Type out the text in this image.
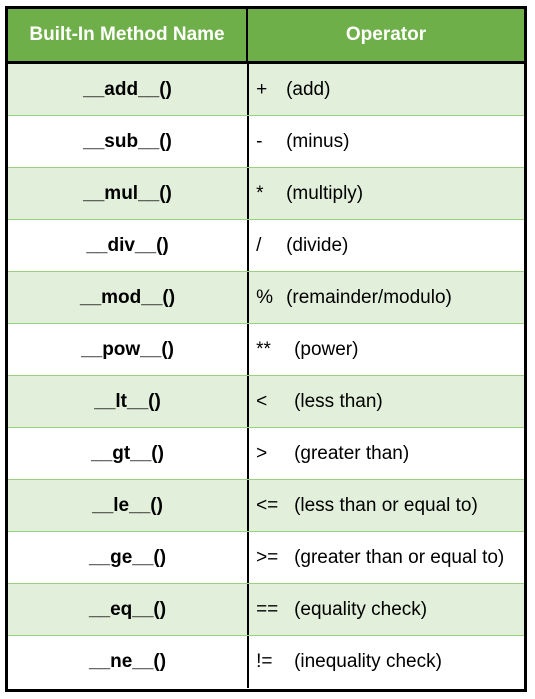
Built-In Method Name	Operator
__add__()	+ (add)
__sub__()	-	(minus)
__mul__()	*	(multiply)
__div__()	/	(divide)
__mod__()	% (remainder/modulo)
__pow__()	**	(power)
__lt__()	<	(less than)
__gt__()	>	(greater than)
__le__()	<= (less than or equal to)
__ge__()	>= (greater than or equal to)
__eq__()	== (equality check)
__ne__()	!=	(inequality check)
